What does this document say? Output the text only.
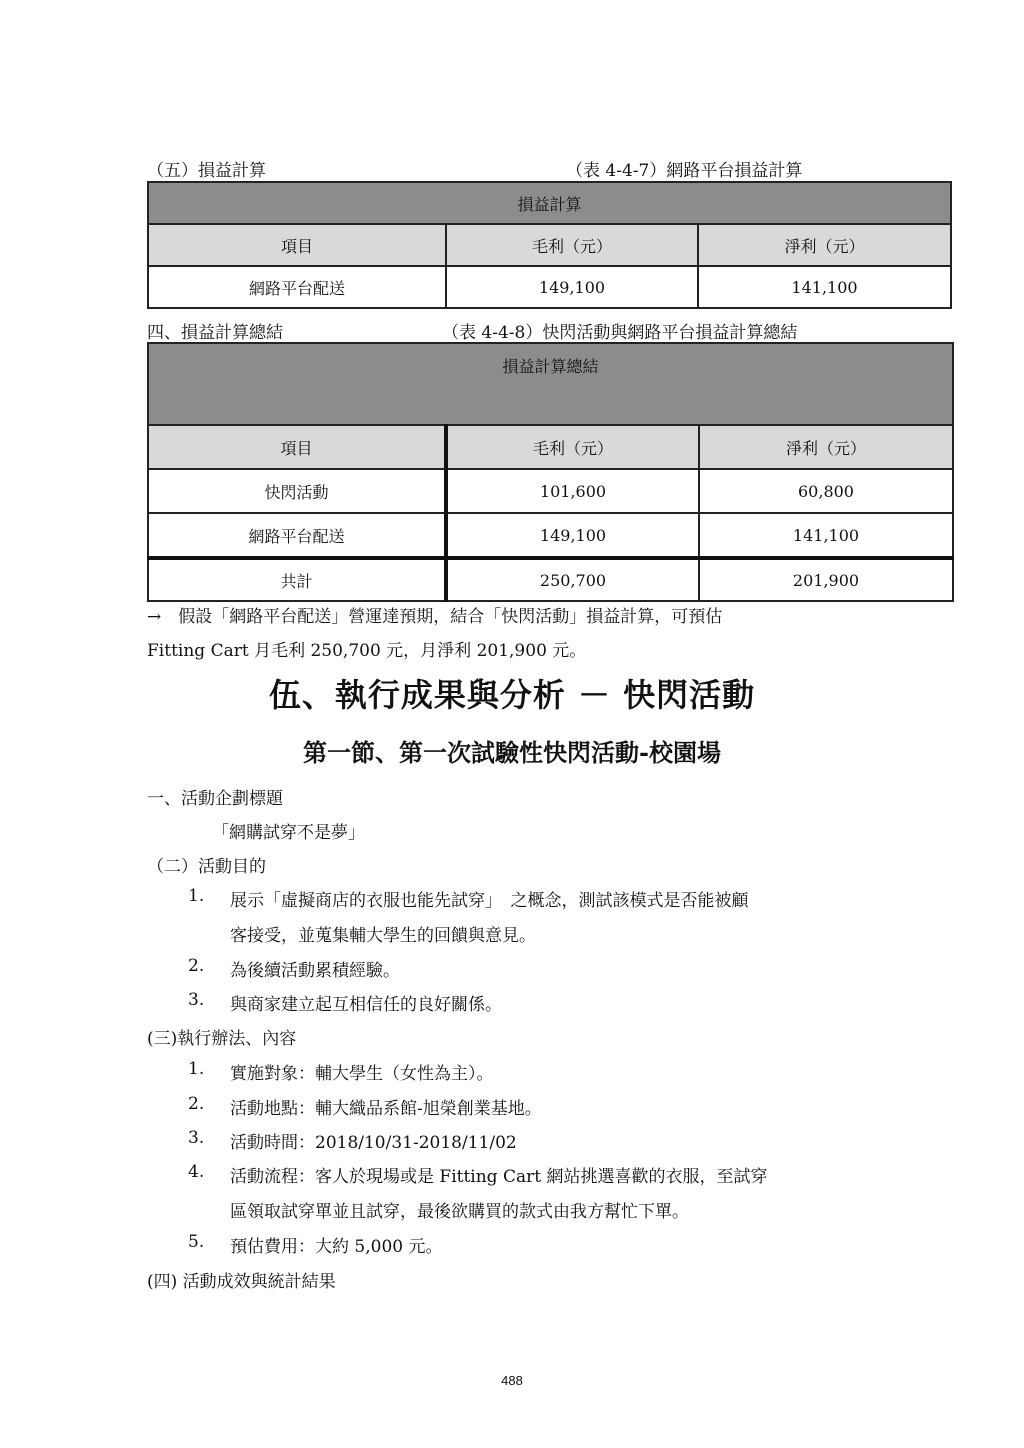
（五）損益計算	（表 4-4-7）網路平台損益計算
損益計算		
項目	毛利（元）	淨利（元）
網路平台配送	149,100	141,100
四、損益計算總結	（表 4-4-8）快閃活動與網路平台損益計算總結
損益計算總結		
項目	毛利（元）	淨利（元）
快閃活動	101,600	60,800
網路平台配送	149,100	141,100
共計	250,700	201,900
→　假設「網路平台配送」營運達預期，結合「快閃活動」損益計算，可預估
Fitting Cart 月毛利 250,700 元，月淨利 201,900 元。
伍、執行成果與分析 － 快閃活動
第一節、第一次試驗性快閃活動-校園場
一、活動企劃標題
「網購試穿不是夢」
（二）活動目的
1. 展示「虛擬商店的衣服也能先試穿」　之概念，測試該模式是否能被顧
客接受，並蒐集輔大學生的回饋與意見。
2. 為後續活動累積經驗。
3. 與商家建立起互相信任的良好關係。
(三)執行辦法、內容
1. 實施對象：輔大學生（女性為主）。
2. 活動地點：輔大織品系館-旭榮創業基地。
3. 活動時間：2018/10/31-2018/11/02
4. 活動流程：客人於現場或是 Fitting Cart 網站挑選喜歡的衣服，至試穿
區領取試穿單並且試穿，最後欲購買的款式由我方幫忙下單。
5. 預估費用：大約 5,000 元。
(四) 活動成效與統計結果
488
